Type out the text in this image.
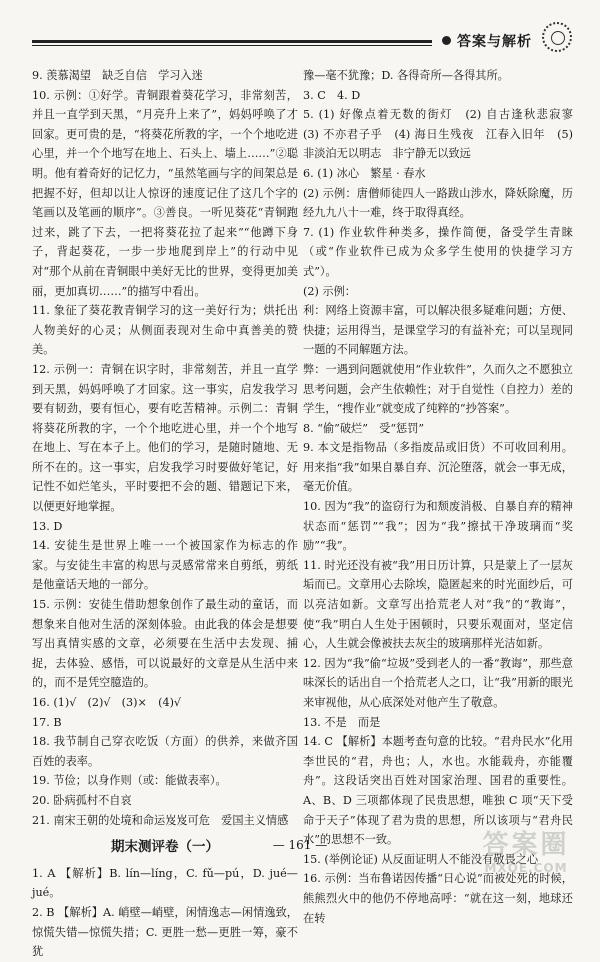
答案与解析

9. 羡慕渴望　缺乏自信　学习入迷

10. 示例：①好学。青铜跟着葵花学习，非常刻苦，并且一直学到天黑，“月亮升上来了”，妈妈呼唤了才回家。更可贵的是，“将葵花所教的字，一个个地吃进心里，并一个个地写在地上、石头上、墙上……”②聪明。他有着奇好的记忆力，“虽然笔画与字的间架总是把握不好，但却以让人惊讶的速度记住了这几个字的笔画以及笔画的顺序”。③善良。一听见葵花“青铜跑过来，跳了下去，一把将葵花拉了起来”“他蹲下身子，背起葵花，一步一步地爬到岸上”的行动中见对“那个从前在青铜眼中美好无比的世界，变得更加美丽，更加真切……”的描写中看出。

11. 象征了葵花教青铜学习的这一美好行为；烘托出人物美好的心灵；从侧面表现对生命中真善美的赞美。

12. 示例一：青铜在识字时，非常刻苦，并且一直学到天黑，妈妈呼唤了才回家。这一事实，启发我学习要有韧劲，要有恒心，要有吃苦精神。示例二：青铜将葵花所教的字，一个个地吃进心里，并一个个地写在地上、写在本子上。他们的学习，是随时随地、无所不在的。这一事实，启发我学习时要做好笔记，好记性不如烂笔头，平时要把不会的题、错题记下来，以便更好地掌握。

13. D

14. 安徒生是世界上唯一一个被国家作为标志的作家。与安徒生丰富的构思与灵感常常来自剪纸，剪纸是他童话天地的一部分。

15. 示例：安徒生借助想象创作了最生动的童话，而想象来自他对生活的深刻体验。由此我的体会是想要写出真情实感的文章，必须要在生活中去发现、捕捉，去体验、感悟，可以说最好的文章是从生活中来的，而不是凭空臆造的。

16. (1)√　(2)√　(3)×　(4)√

17. B

18. 我节制自己穿衣吃饭（方面）的供养，来做齐国百姓的表率。

19. 节俭；以身作则（或：能做表率）。

20. 卧病孤村不自哀

21. 南宋王朝的处境和命运岌岌可危　爱国主义情感

期末测评卷（一）

1. A 【解析】B. lín—líng，C. fǔ—pú，D. jué—jué。

2. B 【解析】A. 峭壁—峭壁，闲情逸志—闲情逸致，惊慌失错—惊慌失措；C. 更胜一愁—更胜一筹，豪不犹

豫—毫不犹豫；D. 各得奇所—各得其所。

3. C　4. D

5. (1) 好像点着无数的街灯　(2) 自古逢秋悲寂寥　(3) 不亦君子乎　(4) 海日生残夜　江春入旧年　(5) 非淡泊无以明志　非宁静无以致远

6. (1) 冰心　繁星 · 春水

(2) 示例：唐僧师徒四人一路跋山涉水，降妖除魔，历经九九八十一难，终于取得真经。

7. (1) 作业软件种类多，操作简便，备受学生青睐（或“作业软件已成为众多学生使用的快捷学习方式”）。

(2) 示例：

利：网络上资源丰富，可以解决很多疑难问题；方便、快捷；运用得当，是课堂学习的有益补充；可以呈现同一题的不同解题方法。

弊：一遇到问题就使用“作业软件”，久而久之不愿独立思考问题，会产生依赖性；对于自觉性（自控力）差的学生，“搜作业”就变成了纯粹的“抄答案”。

8. “偷”破烂”　受“惩罚”

9. 本文是指物品（多指废品或旧货）不可收回利用。用来指“我”如果自暴自弃、沉沦堕落，就会一事无成，毫无价值。

10. 因为“我”的盗窃行为和颓废消极、自暴自弃的精神状态而“惩罚”“我”；因为“我”擦拭干净玻璃而“奖励”“我”。

11. 时光还没有被“我”用日历计算，只是蒙上了一层灰垢而已。文章用心去除埃，隐匿起来的时光面纱后，可以亮洁如新。文章写出拾荒老人对“我”的“教诲”，使“我”明白人生处于困顿时，只要乐观面对，坚定信心，人生就会像被扶去灰尘的玻璃那样光洁如新。

12. 因为“我”偷“垃圾”受到老人的一番“教诲”，那些意味深长的话出自一个拾荒老人之口，让“我”用新的眼光来审视他，从心底深处对他产生了敬意。

13. 不是　而是

14. C 【解析】本题考查句意的比较。“君舟民水”化用李世民的“君，舟也；人，水也。水能载舟，亦能覆舟”。这段话突出百姓对国家治理、国君的重要性。A、B、D 三项都体现了民贵思想，唯独 C 项“天下受命于天子”体现了君为贵的思想，所以该项与“君舟民水”的思想不一致。

15. (举例论证) 从反面证明人不能没有敬畏之心

16. 示例：当布鲁诺因传播“日心说”而被处死的时候，熊熊烈火中的他仍不停地高呼：“就在这一刻，地球还在转

— 161 —	答案圈
MXQE.COM
